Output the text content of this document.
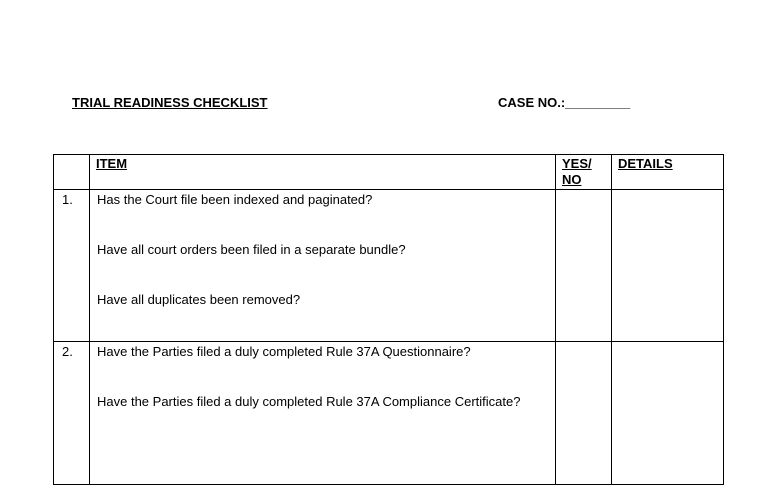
TRIAL READINESS CHECKLIST	CASE NO.:_________
	ITEM	YES/ NO	DETAILS
1.	Has the Court file been indexed and paginated?
Have all court orders been filed in a separate bundle?
Have all duplicates been removed?		

2.	Have the Parties filed a duly completed Rule 37A Questionnaire?
Have the Parties filed a duly completed Rule 37A Compliance Certificate?		
